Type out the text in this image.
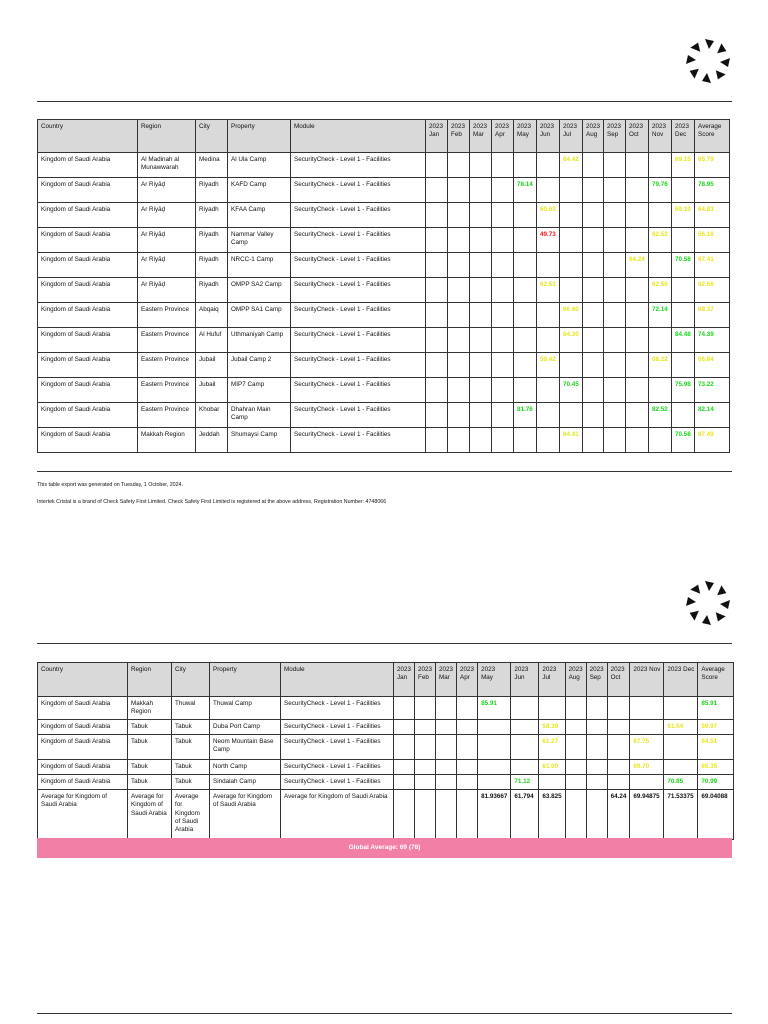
Country	Region	City	Property	Module	2023 Jan	2023 Feb	2023 Mar	2023 Apr	2023 May	2023 Jun	2023 Jul	2023 Aug	2023 Sep	2023 Oct	2023 Nov	2023 Dec	Average Score
Kingdom of Saudi Arabia	Al Madinah al Munawwarah	Medina	Al Ula Camp	SecurityCheck - Level 1 - Facilities							64.42					69.15	65.79
Kingdom of Saudi Arabia	Ar Riyāḑ	Riyadh	KAFD Camp	SecurityCheck - Level 1 - Facilities					78.14						79.76		78.95
Kingdom of Saudi Arabia	Ar Riyāḑ	Riyadh	KFAA Camp	SecurityCheck - Level 1 - Facilities						60.63						69.10	64.83
Kingdom of Saudi Arabia	Ar Riyāḑ	Riyadh	Nammar Valley Camp	SecurityCheck - Level 1 - Facilities						49.73					62.52		56.16
Kingdom of Saudi Arabia	Ar Riyāḑ	Riyadh	NRCC-1 Camp	SecurityCheck - Level 1 - Facilities										64.24		70.58	67.41
Kingdom of Saudi Arabia	Ar Riyāḑ	Riyadh	OMPP SA2 Camp	SecurityCheck - Level 1 - Facilities						62.53					62.56		62.56
Kingdom of Saudi Arabia	Eastern Province	Abqaiq	OMPP SA1 Camp	SecurityCheck - Level 1 - Facilities							66.60				72.14		69.37
Kingdom of Saudi Arabia	Eastern Province	Al Hufuf	Uthmaniyah Camp	SecurityCheck - Level 1 - Facilities							64.30					84.48	74.39
Kingdom of Saudi Arabia	Eastern Province	Jubail	Jubail Camp 2	SecurityCheck - Level 1 - Facilities						59.42					68.22		66.84
Kingdom of Saudi Arabia	Eastern Province	Jubail	MIP7 Camp	SecurityCheck - Level 1 - Facilities							70.45					75.98	73.22
Kingdom of Saudi Arabia	Eastern Province	Khobar	Dhahran Main Camp	SecurityCheck - Level 1 - Facilities					81.76						82.52		82.14
Kingdom of Saudi Arabia	Makkah Region	Jeddah	Shumaysi Camp	SecurityCheck - Level 1 - Facilities							64.41					70.58	67.49
This table export was generated on Tuesday, 1 October, 2024.
Intertek Cristal is a brand of Check Safety First Limited. Check Safety First Limited is registered at the above address, Registration Number: 4748066
Country	Region	City	Property	Module	2023 Jan	2023 Feb	2023 Mar	2023 Apr	2023 May	2023 Jun	2023 Jul	2023 Aug	2023 Sep	2023 Oct	2023 Nov	2023 Dec	Average Score
Kingdom of Saudi Arabia	Makkah Region	Thuwal	Thuwal Camp	SecurityCheck - Level 1 - Facilities					85.91								85.91
Kingdom of Saudi Arabia	Tabuk	Tabuk	Duba Port Camp	SecurityCheck - Level 1 - Facilities							58.39					61.54	59.97
Kingdom of Saudi Arabia	Tabuk	Tabuk	Neom Mountain Base Camp	SecurityCheck - Level 1 - Facilities							61.27				67.75		64.51
Kingdom of Saudi Arabia	Tabuk	Tabuk	North Camp	SecurityCheck - Level 1 - Facilities							61.00				69.70		65.35
Kingdom of Saudi Arabia	Tabuk	Tabuk	Sindalah Camp	SecurityCheck - Level 1 - Facilities						71.12						70.85	70.99
Average for Kingdom of Saudi Arabia	Average for Kingdom of Saudi Arabia	Average for Kingdom of Saudi Arabia	Average for Kingdom of Saudi Arabia	Average for Kingdom of Saudi Arabia					81.93667	61.794	63.825			64.24	69.94875	71.53375	69.04088
Global Average: 69 (78)
